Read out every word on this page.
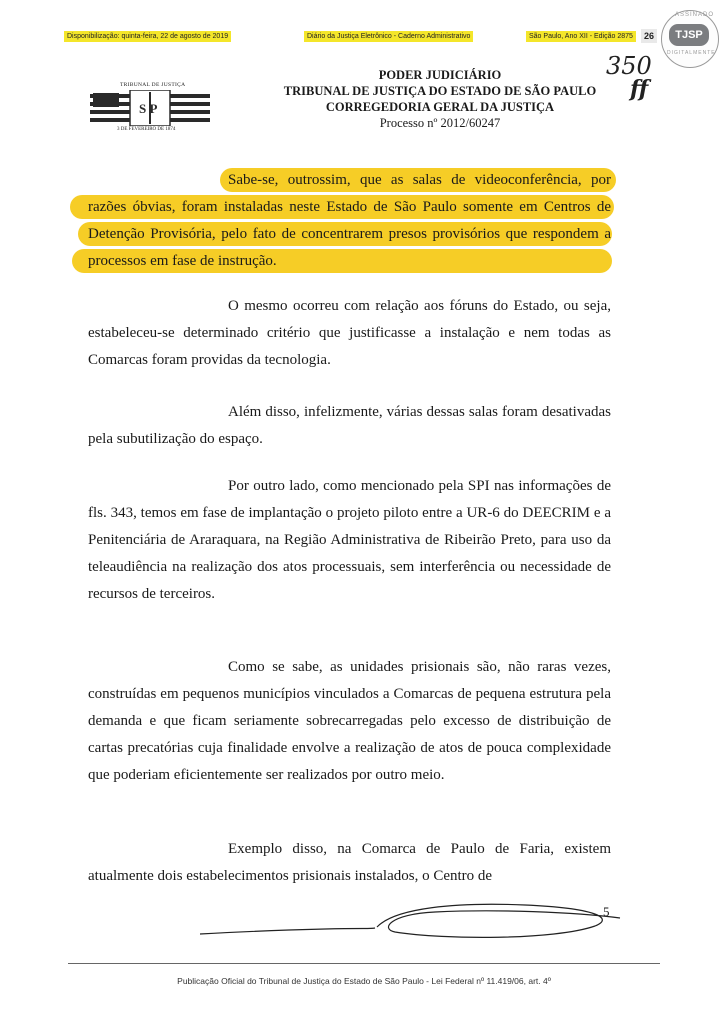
Disponibilização: quinta-feira, 22 de agosto de 2019	Diário da Justiça Eletrônico - Caderno Administrativo	São Paulo, Ano XII - Edição 2875	26
ASSINADO
TJSP
DIGITALMENTE
TRIBUNAL DE JUSTIÇA
S P
3 DE FEVEREIRO DE 1874
PODER JUDICIÁRIO
TRIBUNAL DE JUSTIÇA DO ESTADO DE SÃO PAULO
CORREGEDORIA GERAL DA JUSTIÇA
Processo nº 2012/60247
350
ff

Sabe-se, outrossim, que as salas de videoconferência, por razões óbvias, foram instaladas neste Estado de São Paulo somente em Centros de Detenção Provisória, pelo fato de concentrarem presos provisórios que respondem a processos em fase de instrução.

O mesmo ocorreu com relação aos fóruns do Estado, ou seja, estabeleceu-se determinado critério que justificasse a instalação e nem todas as Comarcas foram providas da tecnologia.

Além disso, infelizmente, várias dessas salas foram desativadas pela subutilização do espaço.

Por outro lado, como mencionado pela SPI nas informações de fls. 343, temos em fase de implantação o projeto piloto entre a UR-6 do DEECRIM e a Penitenciária de Araraquara, na Região Administrativa de Ribeirão Preto, para uso da teleaudiência na realização dos atos processuais, sem interferência ou necessidade de recursos de terceiros.

Como se sabe, as unidades prisionais são, não raras vezes, construídas em pequenos municípios vinculados a Comarcas de pequena estrutura pela demanda e que ficam seriamente sobrecarregadas pelo excesso de distribuição de cartas precatórias cuja finalidade envolve a realização de atos de pouca complexidade que poderiam eficientemente ser realizados por outro meio.

Exemplo disso, na Comarca de Paulo de Faria, existem atualmente dois estabelecimentos prisionais instalados, o Centro de

5
Publicação Oficial do Tribunal de Justiça do Estado de São Paulo - Lei Federal nº 11.419/06, art. 4º
